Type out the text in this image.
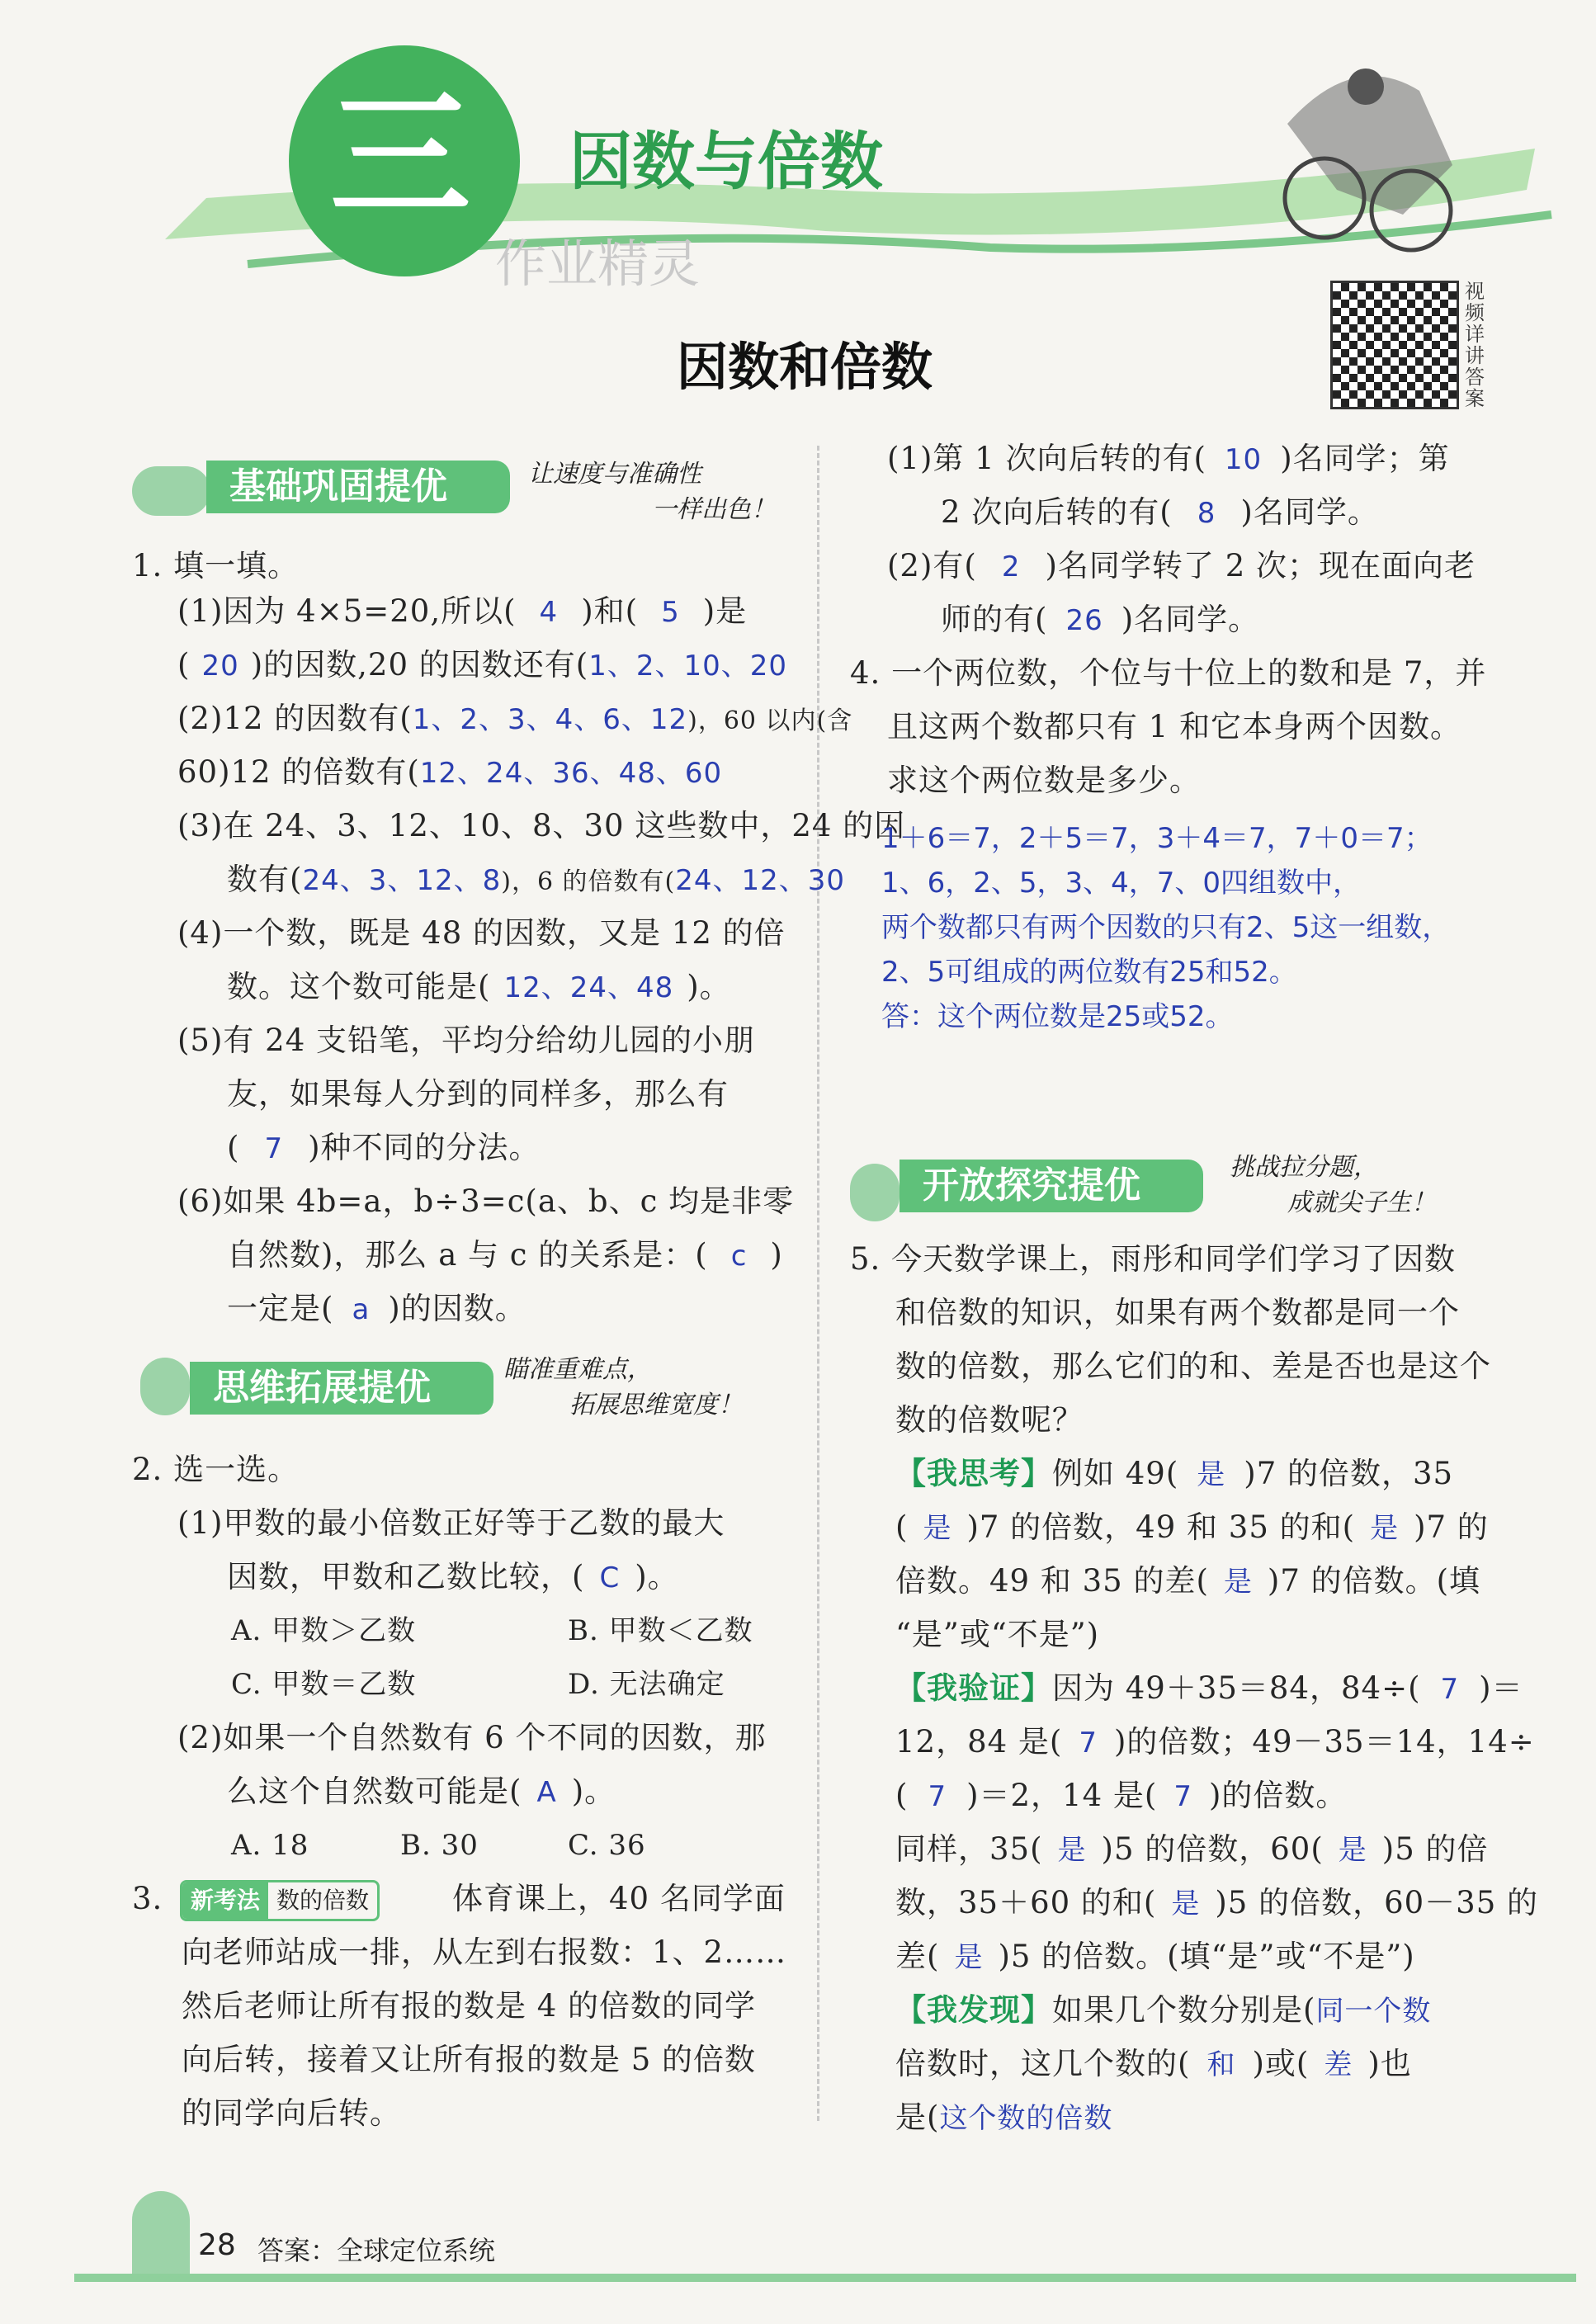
三 因数与倍数
作业精灵	视频详讲答案
因数和倍数
基础巩固提优	让速度与准确性
一样出色！
1. 填一填。
(1)因为 4×5=20,所以( 4 )和( 5 )是
( 20 )的因数,20 的因数还有(1、2、10、20
(2)12 的因数有(1、2、3、4、6、12)，60 以内(含
60)12 的倍数有(12、24、36、48、60
(3)在 24、3、12、10、8、30 这些数中，24 的因
数有(24、3、12、8)，6 的倍数有(24、12、30
(4)一个数，既是 48 的因数，又是 12 的倍
数。这个数可能是( 12、24、48 )。
(5)有 24 支铅笔，平均分给幼儿园的小朋
友，如果每人分到的同样多，那么有
( 7 )种不同的分法。
(6)如果 4b=a，b÷3=c(a、b、c 均是非零
自然数)，那么 a 与 c 的关系是：( c )
一定是( a )的因数。
思维拓展提优	瞄准重难点，
拓展思维宽度！
2. 选一选。
(1)甲数的最小倍数正好等于乙数的最大
因数，甲数和乙数比较，( C )。
A. 甲数＞乙数	B. 甲数＜乙数
C. 甲数＝乙数	D. 无法确定
(2)如果一个自然数有 6 个不同的因数，那
么这个自然数可能是( A )。
A. 18	B. 30	C. 36
3.	新考法 数的倍数	体育课上，40 名同学面
向老师站成一排，从左到右报数：1、2……
然后老师让所有报的数是 4 的倍数的同学
向后转，接着又让所有报的数是 5 的倍数
的同学向后转。
(1)第 1 次向后转的有( 10 )名同学；第
2 次向后转的有( 8 )名同学。
(2)有( 2 )名同学转了 2 次；现在面向老
师的有( 26 )名同学。
4. 一个两位数，个位与十位上的数和是 7，并
且这两个数都只有 1 和它本身两个因数。
求这个两位数是多少。
1＋6＝7，2＋5＝7，3＋4＝7，7＋0＝7；
1、6，2、5，3、4，7、0四组数中，
两个数都只有两个因数的只有2、5这一组数，
2、5可组成的两位数有25和52。
答：这个两位数是25或52。
开放探究提优	挑战拉分题，
成就尖子生！
5. 今天数学课上，雨彤和同学们学习了因数
和倍数的知识，如果有两个数都是同一个
数的倍数，那么它们的和、差是否也是这个
数的倍数呢？
【我思考】例如 49( 是 )7 的倍数，35
( 是 )7 的倍数，49 和 35 的和( 是 )7 的
倍数。49 和 35 的差( 是 )7 的倍数。(填
“是”或“不是”)
【我验证】因为 49＋35＝84，84÷( 7 )＝
12，84 是( 7 )的倍数；49－35＝14，14÷
( 7 )＝2，14 是( 7 )的倍数。
同样，35( 是 )5 的倍数，60( 是 )5 的倍
数，35＋60 的和( 是 )5 的倍数，60－35 的
差( 是 )5 的倍数。(填“是”或“不是”)
【我发现】如果几个数分别是(同一个数
倍数时，这几个数的( 和 )或( 差 )也
是(这个数的倍数
28 答案：全球定位系统
